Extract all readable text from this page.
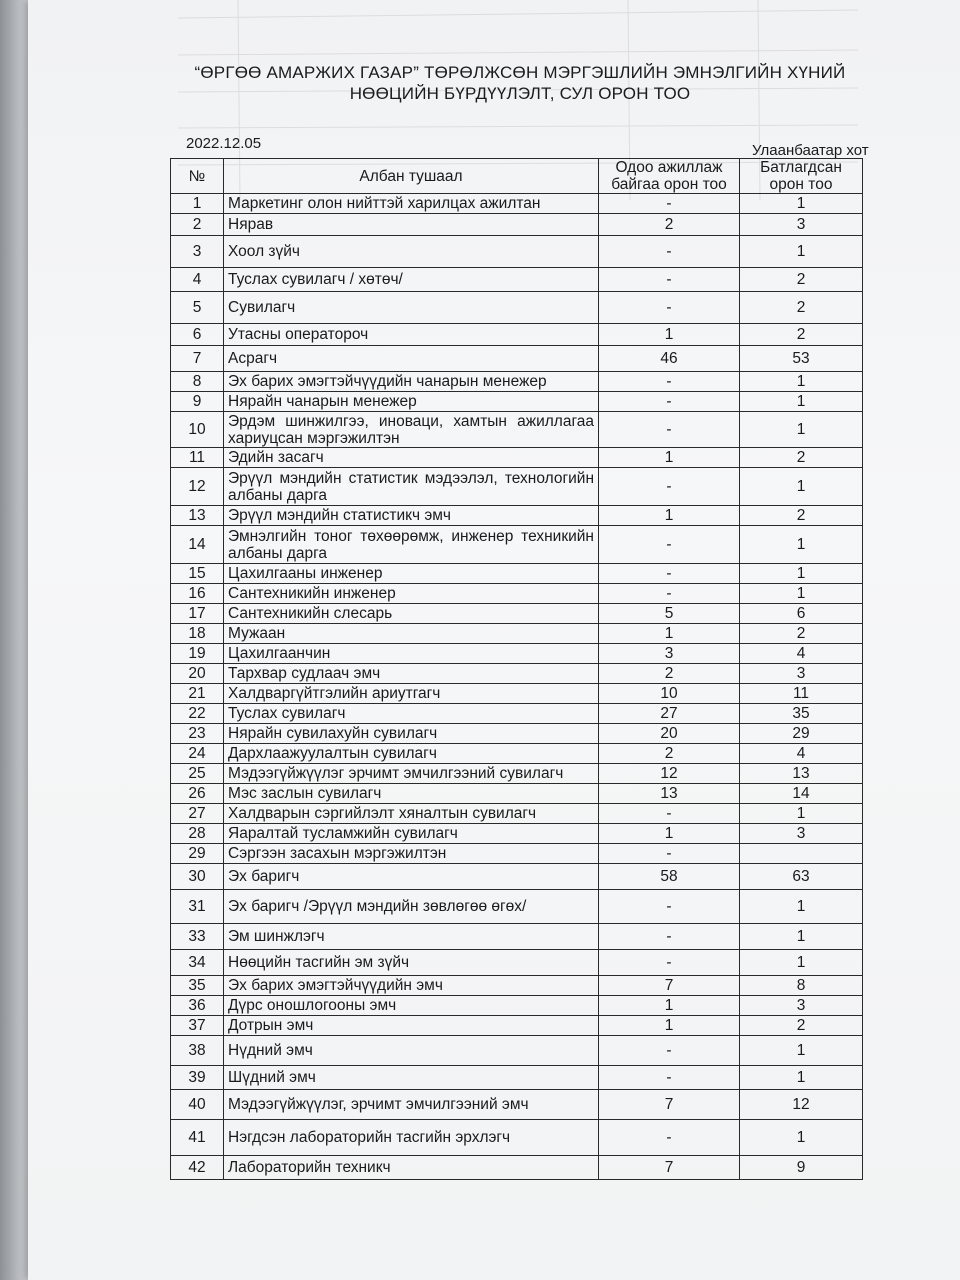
“ӨРГӨӨ АМАРЖИХ ГАЗАР” ТӨРӨЛЖСӨН МЭРГЭШЛИЙН ЭМНЭЛГИЙН ХҮНИЙ
НӨӨЦИЙН БҮРДҮҮЛЭЛТ, СУЛ ОРОН ТОО
2022.12.05	Улаанбаатар хот
№	Албан тушаал	Одоо ажиллаж байгаа орон тоо	Батлагдсан орон тоо
1	Маркетинг олон нийттэй харилцах ажилтан	-	1
2	Нярав	2	3
3	Хоол зүйч	-	1
4	Туслах сувилагч / хөтөч/	-	2
5	Сувилагч	-	2
6	Утасны оператороч	1	2
7	Асрагч	46	53
8	Эх барих эмэгтэйчүүдийн чанарын менежер	-	1
9	Нярайн чанарын менежер	-	1
10	Эрдэм шинжилгээ, иноваци, хамтын ажиллагаа хариуцсан мэргэжилтэн	-	1
11	Эдийн засагч	1	2
12	Эрүүл мэндийн статистик мэдээлэл, технологийн албаны дарга	-	1
13	Эрүүл мэндийн статистикч эмч	1	2
14	Эмнэлгийн тоног төхөөрөмж, инженер техникийн албаны дарга	-	1
15	Цахилгааны инженер	-	1
16	Сантехникийн инженер	-	1
17	Сантехникийн слесарь	5	6
18	Мужаан	1	2
19	Цахилгаанчин	3	4
20	Тархвар судлаач эмч	2	3
21	Халдваргүйтгэлийн ариутгагч	10	11
22	Туслах сувилагч	27	35
23	Нярайн сувилахуйн сувилагч	20	29
24	Дархлаажуулалтын сувилагч	2	4
25	Мэдээгүйжүүлэг эрчимт эмчилгээний сувилагч	12	13
26	Мэс заслын сувилагч	13	14
27	Халдварын сэргийлэлт хяналтын сувилагч	-	1
28	Яаралтай тусламжийн сувилагч	1	3
29	Сэргээн засахын мэргэжилтэн	-	
30	Эх баригч	58	63
31	Эх баригч /Эрүүл мэндийн зөвлөгөө өгөх/	-	1
33	Эм шинжлэгч	-	1
34	Нөөцийн тасгийн эм зүйч	-	1
35	Эх барих эмэгтэйчүүдийн эмч	7	8
36	Дүрс оношлогооны эмч	1	3
37	Дотрын эмч	1	2
38	Нүдний эмч	-	1
39	Шүдний эмч	-	1
40	Мэдээгүйжүүлэг, эрчимт эмчилгээний эмч	7	12
41	Нэгдсэн лабораторийн тасгийн эрхлэгч	-	1
42	Лабораторийн техникч	7	9
